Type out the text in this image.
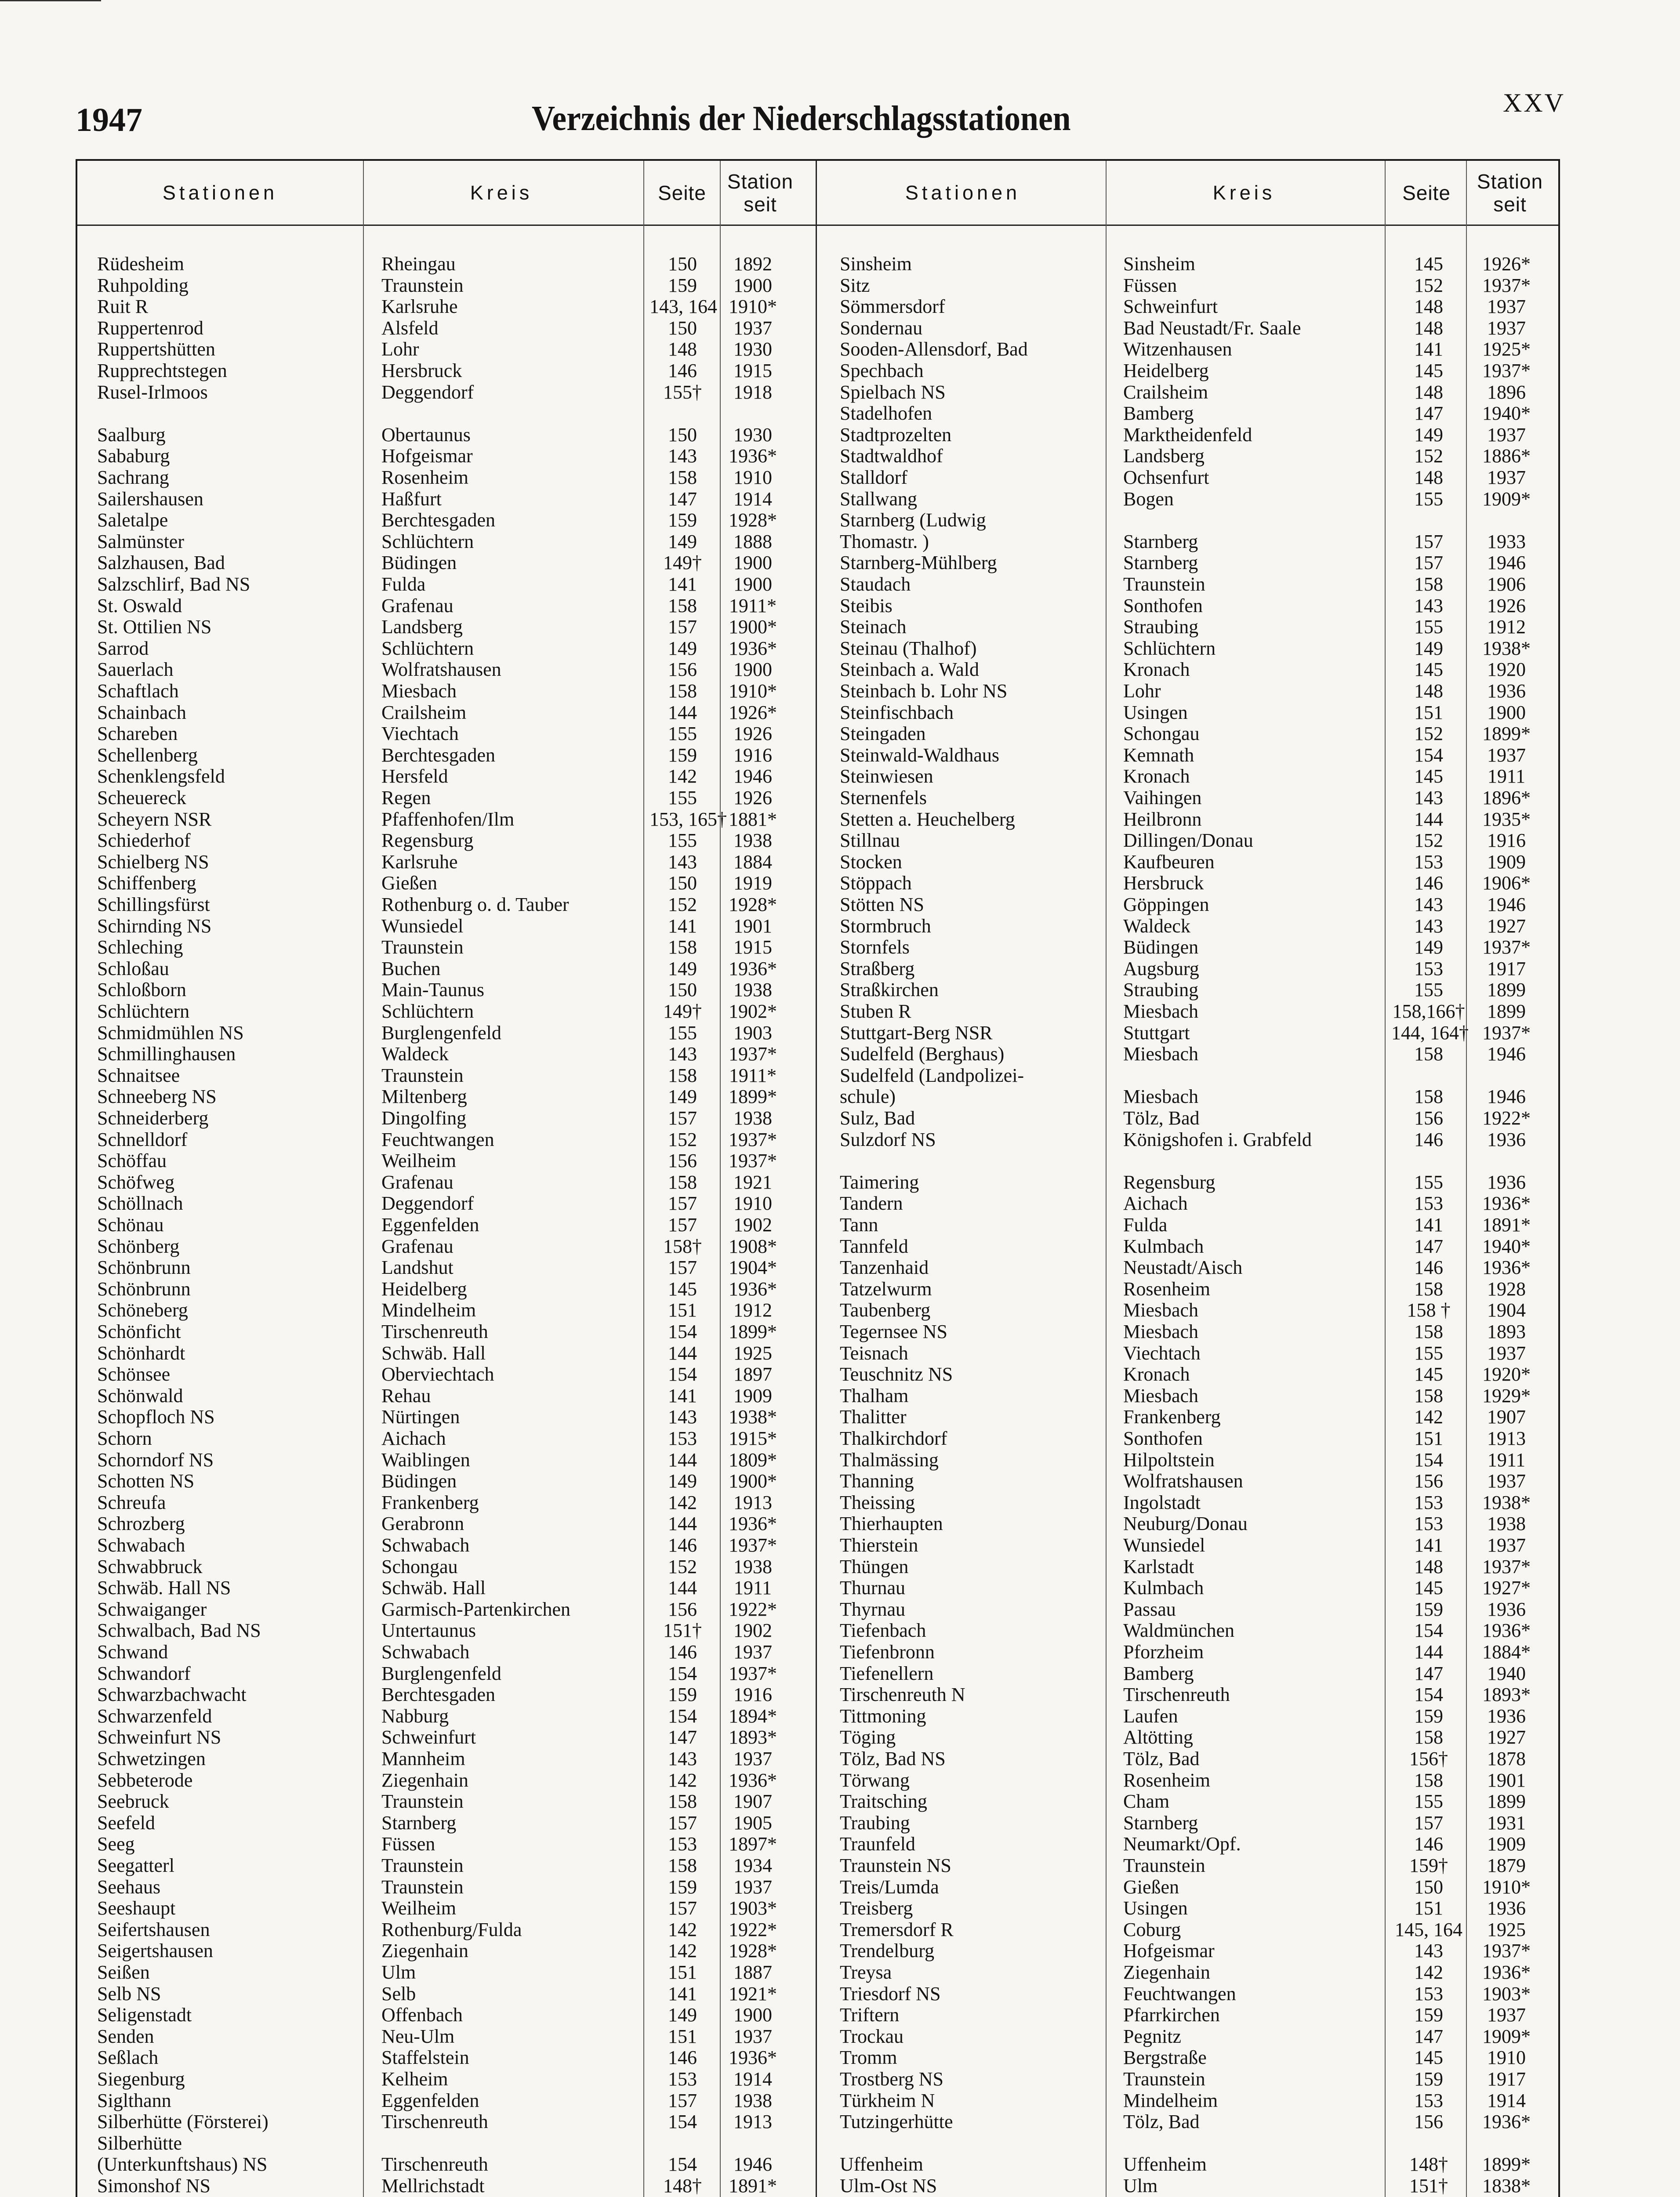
1947	Verzeichnis der Niederschlagsstationen	XXV
Stationen	Kreis	Seite	Station seit
Stationen	Kreis	Seite	Station seit
Rüdesheim	Rheingau	150	1892
Ruhpolding	Traunstein	159	1900
Ruit R	Karlsruhe	143, 164 1910*
Ruppertenrod	Alsfeld	150	1937
Ruppertshütten	Lohr	148	1930
Rupprechtstegen	Hersbruck	146	1915
Rusel-Irlmoos	Deggendorf	155†	1918
Saalburg	Obertaunus	150	1930
Sababurg	Hofgeismar	143	1936*
Sachrang	Rosenheim	158	1910
Sailershausen	Haßfurt	147	1914
Saletalpe	Berchtesgaden	159	1928*
Salmünster	Schlüchtern	149	1888
Salzhausen, Bad	Büdingen	149†	1900
Salzschlirf, Bad NS	Fulda	141	1900
St. Oswald	Grafenau	158	1911*
St. Ottilien NS	Landsberg	157	1900*
Sarrod	Schlüchtern	149	1936*
Sauerlach	Wolfratshausen	156	1900
Schaftlach	Miesbach	158	1910*
Schainbach	Crailsheim	144	1926*
Schareben	Viechtach	155	1926
Schellenberg	Berchtesgaden	159	1916
Schenklengsfeld	Hersfeld	142	1946
Scheuereck	Regen	155	1926
Scheyern NSR	Pfaffenhofen/Ilm	153, 165† 1881*
Schiederhof	Regensburg	155	1938
Schielberg NS	Karlsruhe	143	1884
Schiffenberg	Gießen	150	1919
Schillingsfürst	Rothenburg o. d. Tauber	152	1928*
Schirnding NS	Wunsiedel	141	1901
Schleching	Traunstein	158	1915
Schloßau	Buchen	149	1936*
Schloßborn	Main-Taunus	150	1938
Schlüchtern	Schlüchtern	149†	1902*
Schmidmühlen NS	Burglengenfeld	155	1903
Schmillinghausen	Waldeck	143	1937*
Schnaitsee	Traunstein	158	1911*
Schneeberg NS	Miltenberg	149	1899*
Schneiderberg	Dingolfing	157	1938
Schnelldorf	Feuchtwangen	152	1937*
Schöffau	Weilheim	156	1937*
Schöfweg	Grafenau	158	1921
Schöllnach	Deggendorf	157	1910
Schönau	Eggenfelden	157	1902
Schönberg	Grafenau	158†	1908*
Schönbrunn	Landshut	157	1904*
Schönbrunn	Heidelberg	145	1936*
Schöneberg	Mindelheim	151	1912
Schönficht	Tirschenreuth	154	1899*
Schönhardt	Schwäb. Hall	144	1925
Schönsee	Oberviechtach	154	1897
Schönwald	Rehau	141	1909
Schopfloch NS	Nürtingen	143	1938*
Schorn	Aichach	153	1915*
Schorndorf NS	Waiblingen	144	1809*
Schotten NS	Büdingen	149	1900*
Schreufa	Frankenberg	142	1913
Schrozberg	Gerabronn	144	1936*
Schwabach	Schwabach	146	1937*
Schwabbruck	Schongau	152	1938
Schwäb. Hall NS	Schwäb. Hall	144	1911
Schwaiganger	Garmisch-Partenkirchen	156	1922*
Schwalbach, Bad NS	Untertaunus	151†	1902
Schwand	Schwabach	146	1937
Schwandorf	Burglengenfeld	154	1937*
Schwarzbachwacht	Berchtesgaden	159	1916
Schwarzenfeld	Nabburg	154	1894*
Schweinfurt NS	Schweinfurt	147	1893*
Schwetzingen	Mannheim	143	1937
Sebbeterode	Ziegenhain	142	1936*
Seebruck	Traunstein	158	1907
Seefeld	Starnberg	157	1905
Seeg	Füssen	153	1897*
Seegatterl	Traunstein	158	1934
Seehaus	Traunstein	159	1937
Seeshaupt	Weilheim	157	1903*
Seifertshausen	Rothenburg/Fulda	142	1922*
Seigertshausen	Ziegenhain	142	1928*
Seißen	Ulm	151	1887
Selb NS	Selb	141	1921*
Seligenstadt	Offenbach	149	1900
Senden	Neu-Ulm	151	1937
Seßlach	Staffelstein	146	1936*
Siegenburg	Kelheim	153	1914
Siglthann	Eggenfelden	157	1938
Silberhütte (Försterei)	Tirschenreuth	154	1913
Silberhütte
(Unterkunftshaus) NS	Tirschenreuth	154	1946
Simonshof NS	Mellrichstadt	148†	1891*
Sinsheim	Sinsheim	145	1926*
Sitz	Füssen	152	1937*
Sömmersdorf	Schweinfurt	148	1937
Sondernau	Bad Neustadt/Fr. Saale	148	1937
Sooden-Allensdorf, Bad	Witzenhausen	141	1925*
Spechbach	Heidelberg	145	1937*
Spielbach NS	Crailsheim	148	1896
Stadelhofen	Bamberg	147	1940*
Stadtprozelten	Marktheidenfeld	149	1937
Stadtwaldhof	Landsberg	152	1886*
Stalldorf	Ochsenfurt	148	1937
Stallwang	Bogen	155	1909*
Starnberg (Ludwig
Thomastr. )	Starnberg	157	1933
Starnberg-Mühlberg	Starnberg	157	1946
Staudach	Traunstein	158	1906
Steibis	Sonthofen	143	1926
Steinach	Straubing	155	1912
Steinau (Thalhof)	Schlüchtern	149	1938*
Steinbach a. Wald	Kronach	145	1920
Steinbach b. Lohr NS	Lohr	148	1936
Steinfischbach	Usingen	151	1900
Steingaden	Schongau	152	1899*
Steinwald-Waldhaus	Kemnath	154	1937
Steinwiesen	Kronach	145	1911
Sternenfels	Vaihingen	143	1896*
Stetten a. Heuchelberg	Heilbronn	144	1935*
Stillnau	Dillingen/Donau	152	1916
Stocken	Kaufbeuren	153	1909
Stöppach	Hersbruck	146	1906*
Stötten NS	Göppingen	143	1946
Stormbruch	Waldeck	143	1927
Stornfels	Büdingen	149	1937*
Straßberg	Augsburg	153	1917
Straßkirchen	Straubing	155	1899
Stuben R	Miesbach	158,166†	1899
Stuttgart-Berg NSR	Stuttgart	144, 164† 1937*
Sudelfeld (Berghaus)	Miesbach	158	1946
Sudelfeld (Landpolizei-
schule)	Miesbach	158	1946
Sulz, Bad	Tölz, Bad	156	1922*
Sulzdorf NS	Königshofen i. Grabfeld	146	1936
Taimering	Regensburg	155	1936
Tandern	Aichach	153	1936*
Tann	Fulda	141	1891*
Tannfeld	Kulmbach	147	1940*
Tanzenhaid	Neustadt/Aisch	146	1936*
Tatzelwurm	Rosenheim	158	1928
Taubenberg	Miesbach	158 †	1904
Tegernsee NS	Miesbach	158	1893
Teisnach	Viechtach	155	1937
Teuschnitz NS	Kronach	145	1920*
Thalham	Miesbach	158	1929*
Thalitter	Frankenberg	142	1907
Thalkirchdorf	Sonthofen	151	1913
Thalmässing	Hilpoltstein	154	1911
Thanning	Wolfratshausen	156	1937
Theissing	Ingolstadt	153	1938*
Thierhaupten	Neuburg/Donau	153	1938
Thierstein	Wunsiedel	141	1937
Thüngen	Karlstadt	148	1937*
Thurnau	Kulmbach	145	1927*
Thyrnau	Passau	159	1936
Tiefenbach	Waldmünchen	154	1936*
Tiefenbronn	Pforzheim	144	1884*
Tiefenellern	Bamberg	147	1940
Tirschenreuth N	Tirschenreuth	154	1893*
Tittmoning	Laufen	159	1936
Töging	Altötting	158	1927
Tölz, Bad NS	Tölz, Bad	156†	1878
Törwang	Rosenheim	158	1901
Traitsching	Cham	155	1899
Traubing	Starnberg	157	1931
Traunfeld	Neumarkt/Opf.	146	1909
Traunstein NS	Traunstein	159†	1879
Treis/Lumda	Gießen	150	1910*
Treisberg	Usingen	151	1936
Tremersdorf R	Coburg	145, 164	1925
Trendelburg	Hofgeismar	143	1937*
Treysa	Ziegenhain	142	1936*
Triesdorf NS	Feuchtwangen	153	1903*
Triftern	Pfarrkirchen	159	1937
Trockau	Pegnitz	147	1909*
Tromm	Bergstraße	145	1910
Trostberg NS	Traunstein	159	1917
Türkheim N	Mindelheim	153	1914
Tutzingerhütte	Tölz, Bad	156	1936*
Uffenheim	Uffenheim	148†	1899*
Ulm-Ost NS	Ulm	151†	1838*
